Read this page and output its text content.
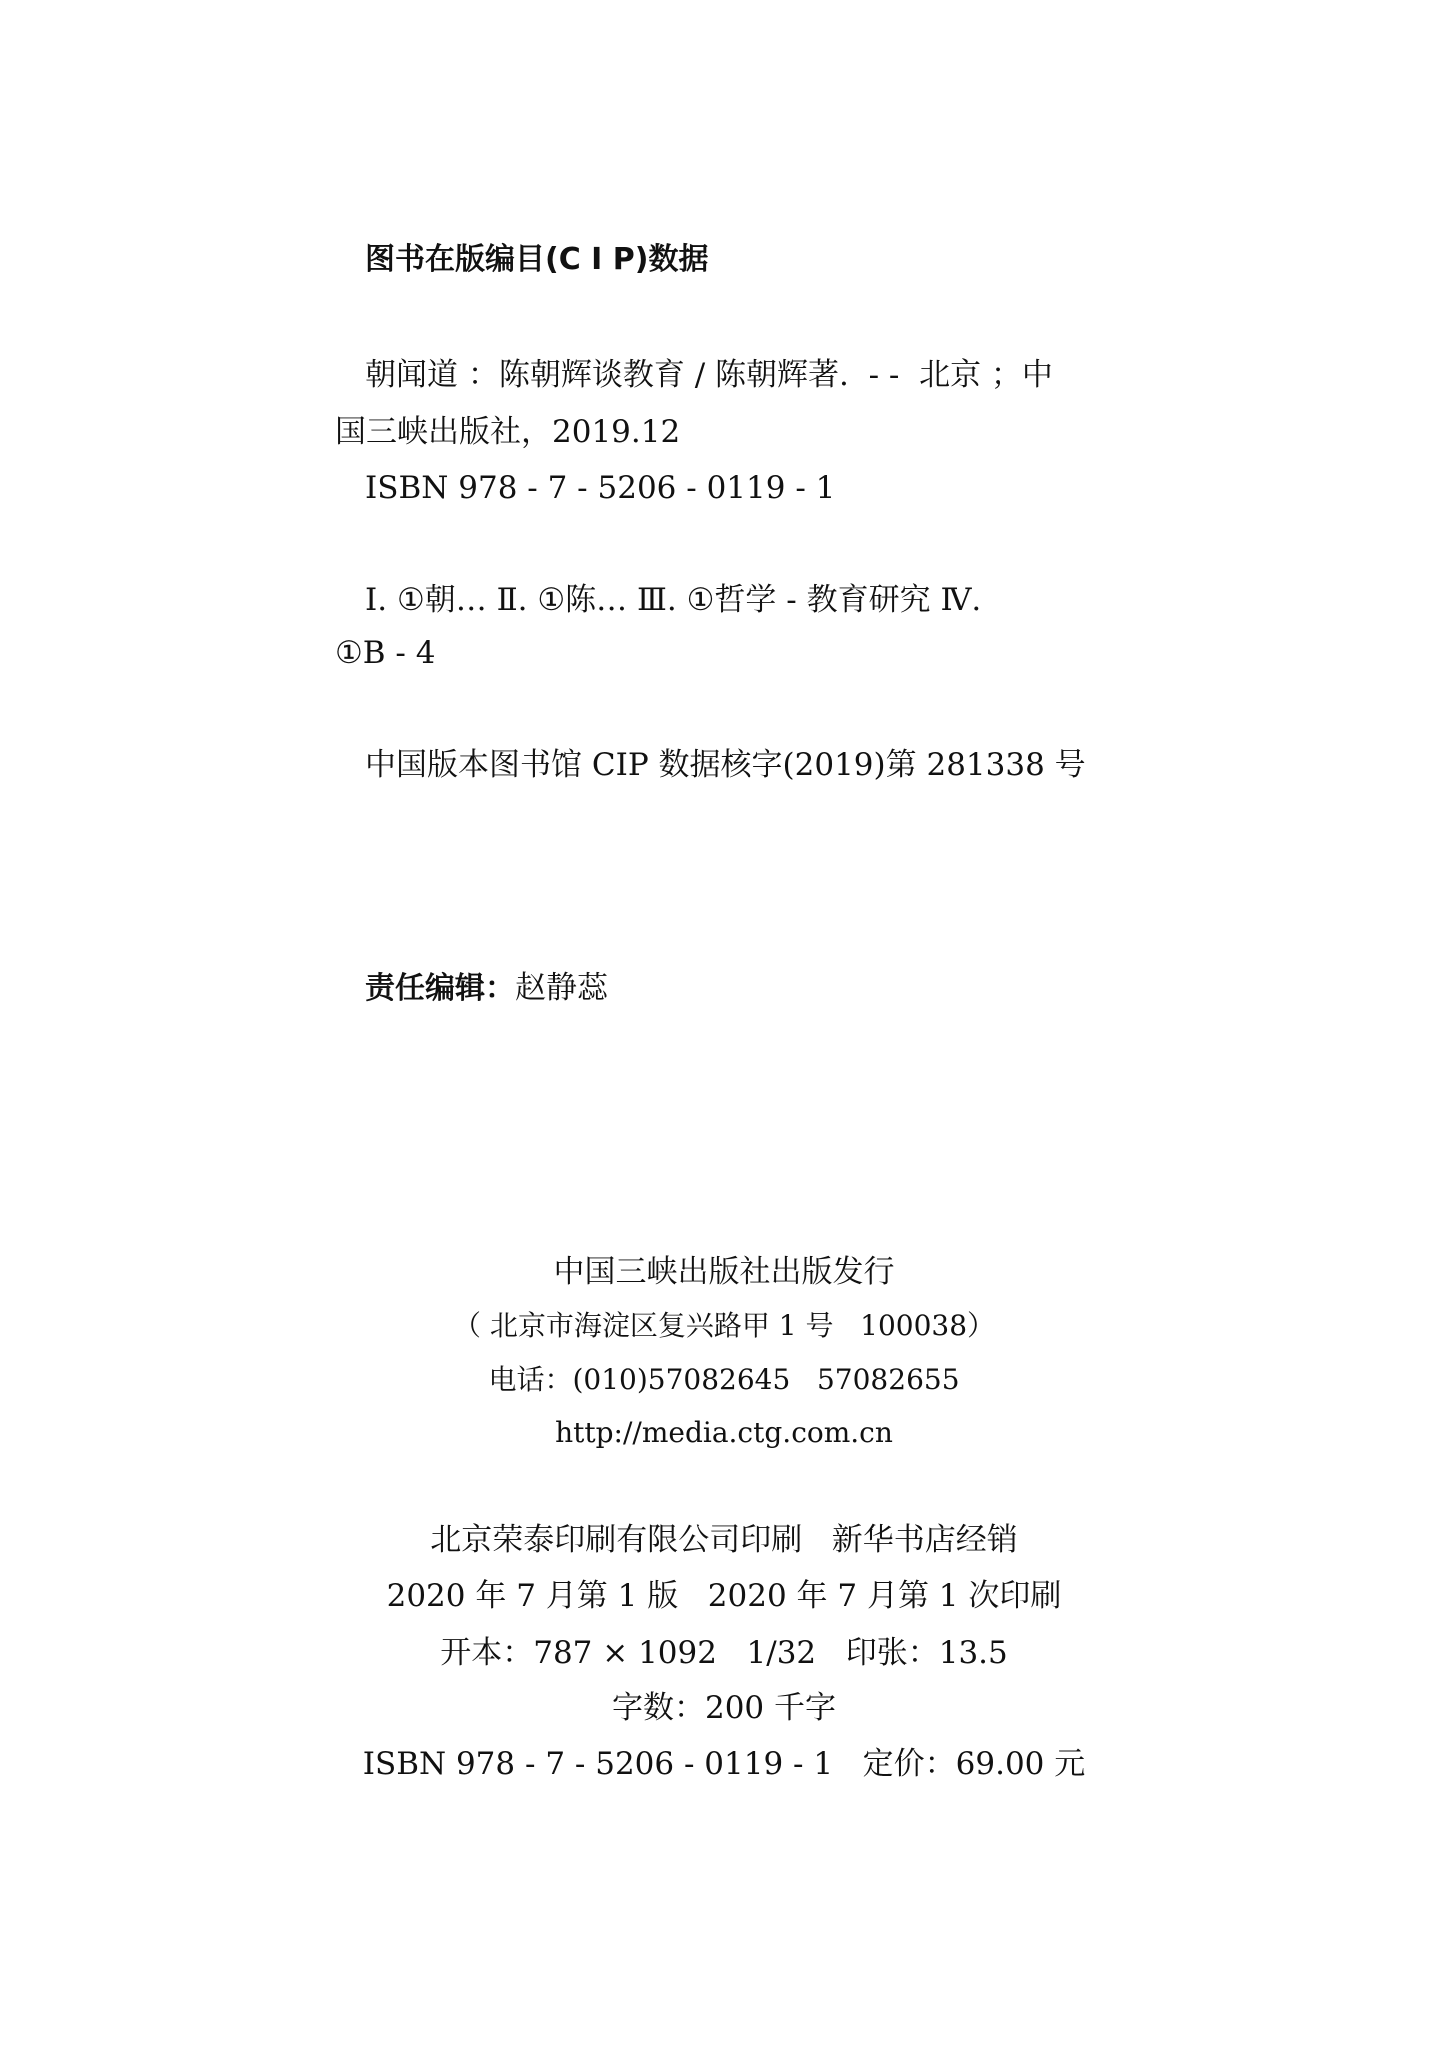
图书在版编目(C I P)数据
朝闻道 ：陈朝辉谈教育 / 陈朝辉著.  - -  北京 ；中
国三峡出版社，2019.12
ISBN 978 - 7 - 5206 - 0119 - 1
Ⅰ. ①朝… Ⅱ. ①陈… Ⅲ. ①哲学 - 教育研究 Ⅳ.
①B - 4
中国版本图书馆 CIP 数据核字(2019)第 281338 号
责任编辑：赵静蕊
中国三峡出版社出版发行
（ 北京市海淀区复兴路甲 1 号   100038）
电话：(010)57082645   57082655
http://media.ctg.com.cn
北京荣泰印刷有限公司印刷   新华书店经销
2020 年 7 月第 1 版   2020 年 7 月第 1 次印刷
开本：787 × 1092   1/32   印张：13.5
字数：200 千字
ISBN 978 - 7 - 5206 - 0119 - 1   定价：69.00 元
